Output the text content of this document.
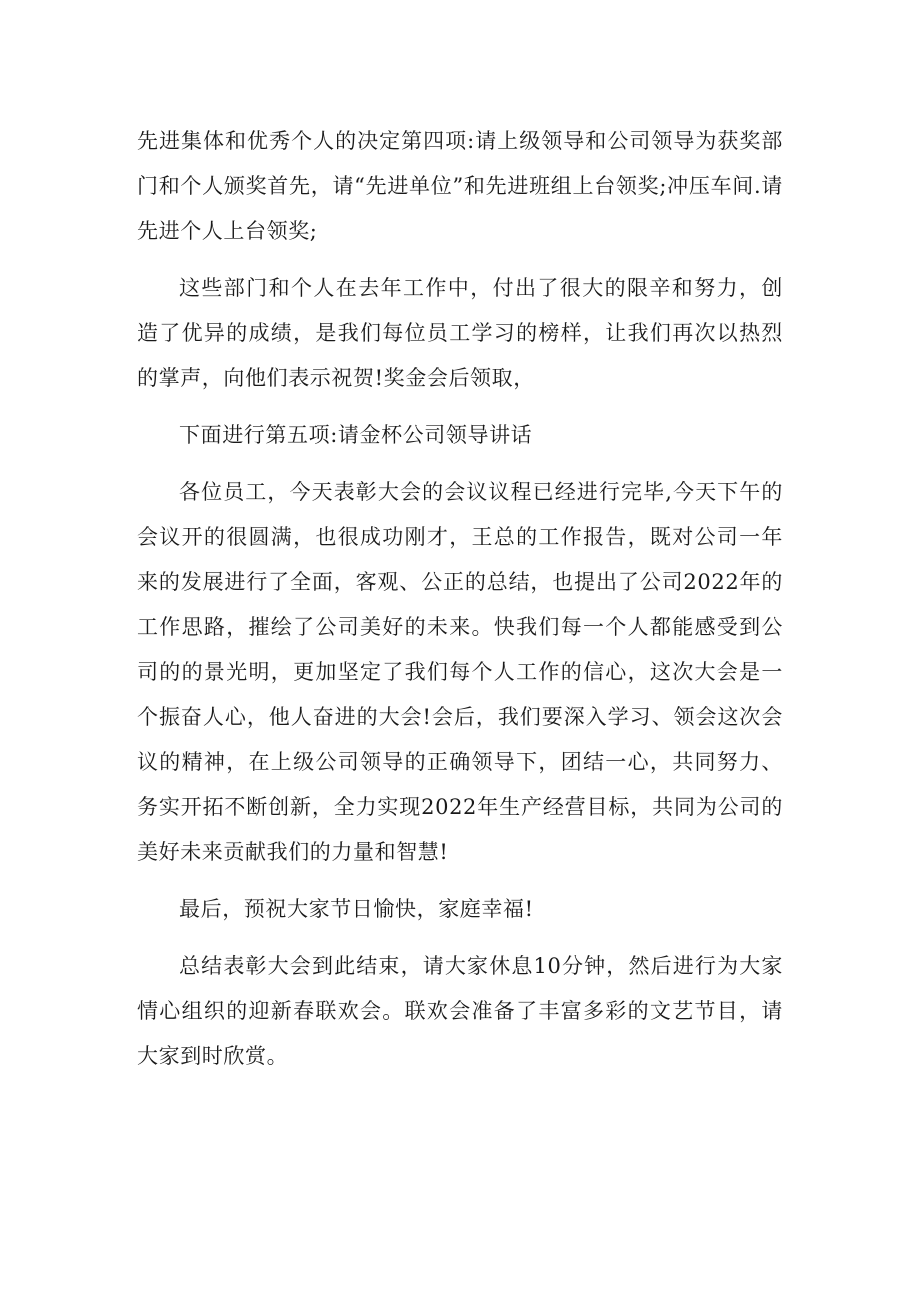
先进集体和优秀个人的决定第四项:请上级领导和公司领导为获奖部门和个人颁奖首先，请“先进单位”和先进班组上台领奖;冲压车间.请先进个人上台领奖;

这些部门和个人在去年工作中，付出了很大的限辛和努力，创造了优异的成绩，是我们每位员工学习的榜样，让我们再次以热烈的掌声，向他们表示祝贺!奖金会后领取，

下面进行第五项:请金杯公司领导讲话

各位员工，今天表彰大会的会议议程已经进行完毕,今天下午的会议开的很圆满，也很成功刚才，王总的工作报告，既对公司一年来的发展进行了全面，客观、公正的总结，也提出了公司2022年的工作思路，摧绘了公司美好的未来。快我们每一个人都能感受到公司的的景光明，更加坚定了我们每个人工作的信心，这次大会是一个振奋人心，他人奋进的大会!会后，我们要深入学习、领会这次会议的精神，在上级公司领导的正确领导下，团结一心，共同努力、务实开拓不断创新，全力实现2022年生产经营目标，共同为公司的美好未来贡献我们的力量和智慧!

最后，预祝大家节日愉快，家庭幸福!

总结表彰大会到此结束，请大家休息10分钟，然后进行为大家情心组织的迎新春联欢会。联欢会准备了丰富多彩的文艺节目，请大家到时欣赏。
